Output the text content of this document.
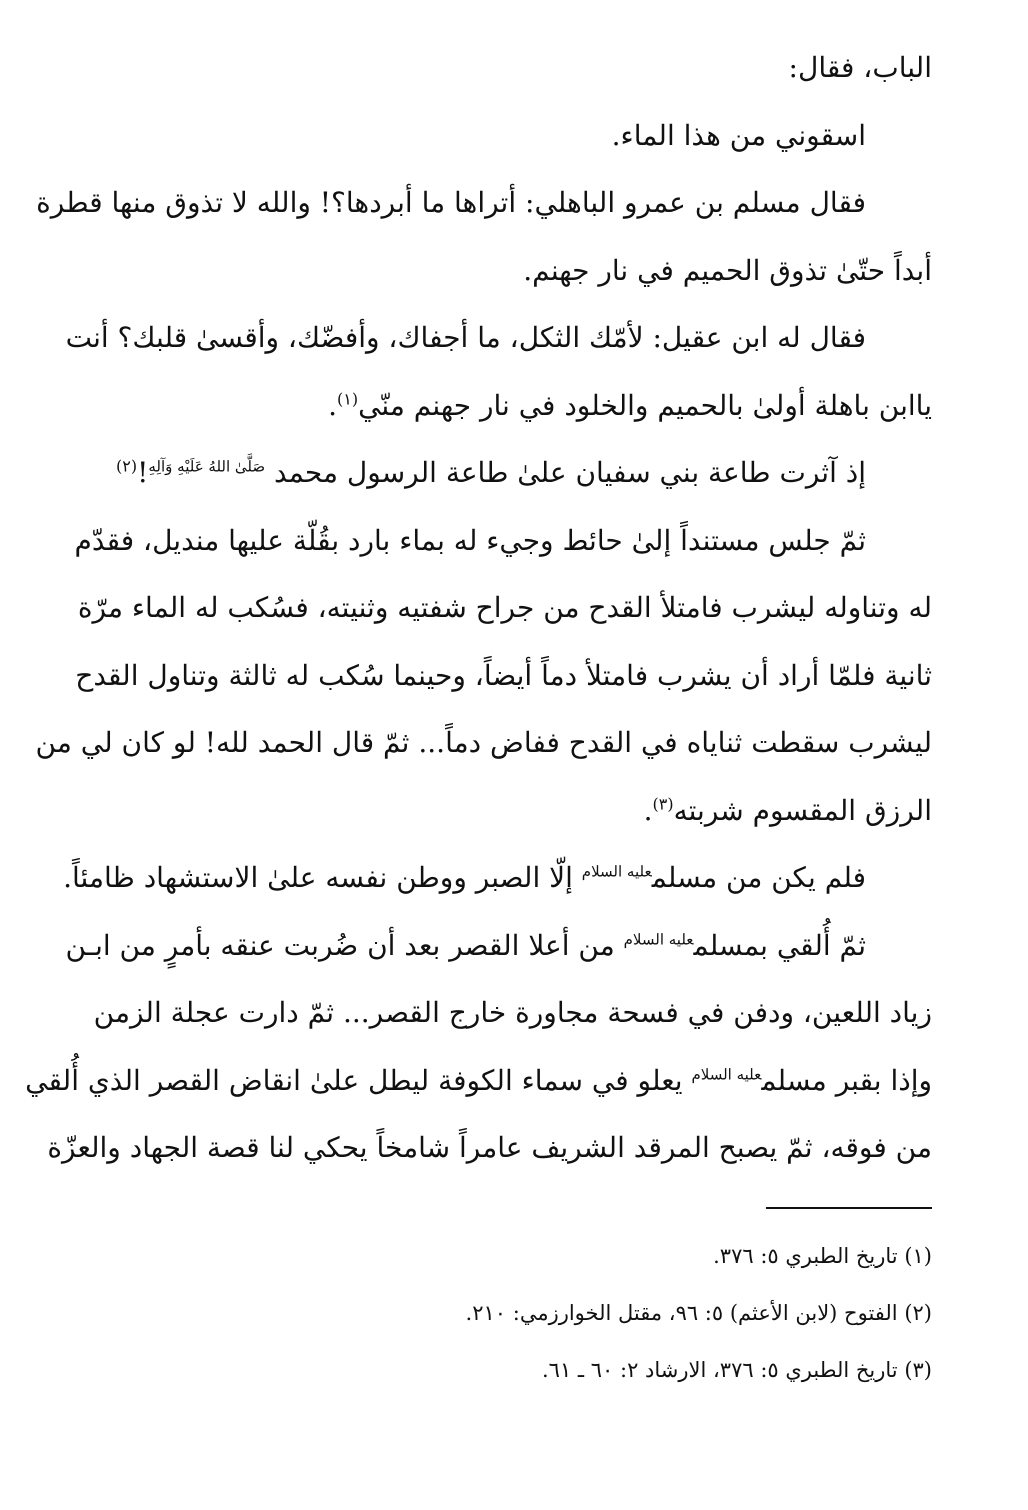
الباب، فقال:
اسقوني من هذا الماء.
فقال مسلم بن عمرو الباهلي: أتراها ما أبردها؟! والله لا تذوق منها قطرة
أبداً حتّىٰ تذوق الحميم في نار جهنم.
فقال له ابن عقيل: لأمّك الثكل، ما أجفاك، وأفضّك، وأقسىٰ قلبك؟ أنت
ياابن باهلة أولىٰ بالحميم والخلود في نار جهنم منّي$^{(١)}$.
إذ آثرت طاعة بني سفيان علىٰ طاعة الرسول محمد $^{صَلَّىٰ اللهُ عَلَيْهِ وَآلِهِ}$!$^{(٢)}$
ثمّ جلس مستنداً إلىٰ حائط وجيء له بماء بارد بقُلّة عليها منديل، فقدّم
له وتناوله ليشرب فامتلأ القدح من جراح شفتيه وثنيته، فسُكب له الماء مرّة
ثانية فلمّا أراد أن يشرب فامتلأ دماً أيضاً، وحينما سُكب له ثالثة وتناول القدح
ليشرب سقطت ثناياه في القدح ففاض دماً... ثمّ قال الحمد لله! لو كان لي من
الرزق المقسوم شربته$^{(٣)}$.
فلم يكن من مسلم$^{عليه السلام}$ إلّا الصبر ووطن نفسه علىٰ الاستشهاد ظامئاً.
ثمّ أُلقي بمسلم$^{عليه السلام}$ من أعلا القصر بعد أن ضُربت عنقه بأمرٍ من ابـن
زياد اللعين، ودفن في فسحة مجاورة خارج القصر... ثمّ دارت عجلة الزمن
وإذا بقبر مسلم$^{عليه السلام}$ يعلو في سماء الكوفة ليطل علىٰ انقاض القصر الذي أُلقي
من فوقه، ثمّ يصبح المرقد الشريف عامراً شامخاً يحكي لنا قصة الجهاد والعزّة
(١) تاريخ الطبري ٥: ٣٧٦.
(٢) الفتوح (لابن الأعثم) ٥: ٩٦، مقتل الخوارزمي: ٢١٠.
(٣) تاريخ الطبري ٥: ٣٧٦، الارشاد ٢: ٦٠ ـ ٦١.
